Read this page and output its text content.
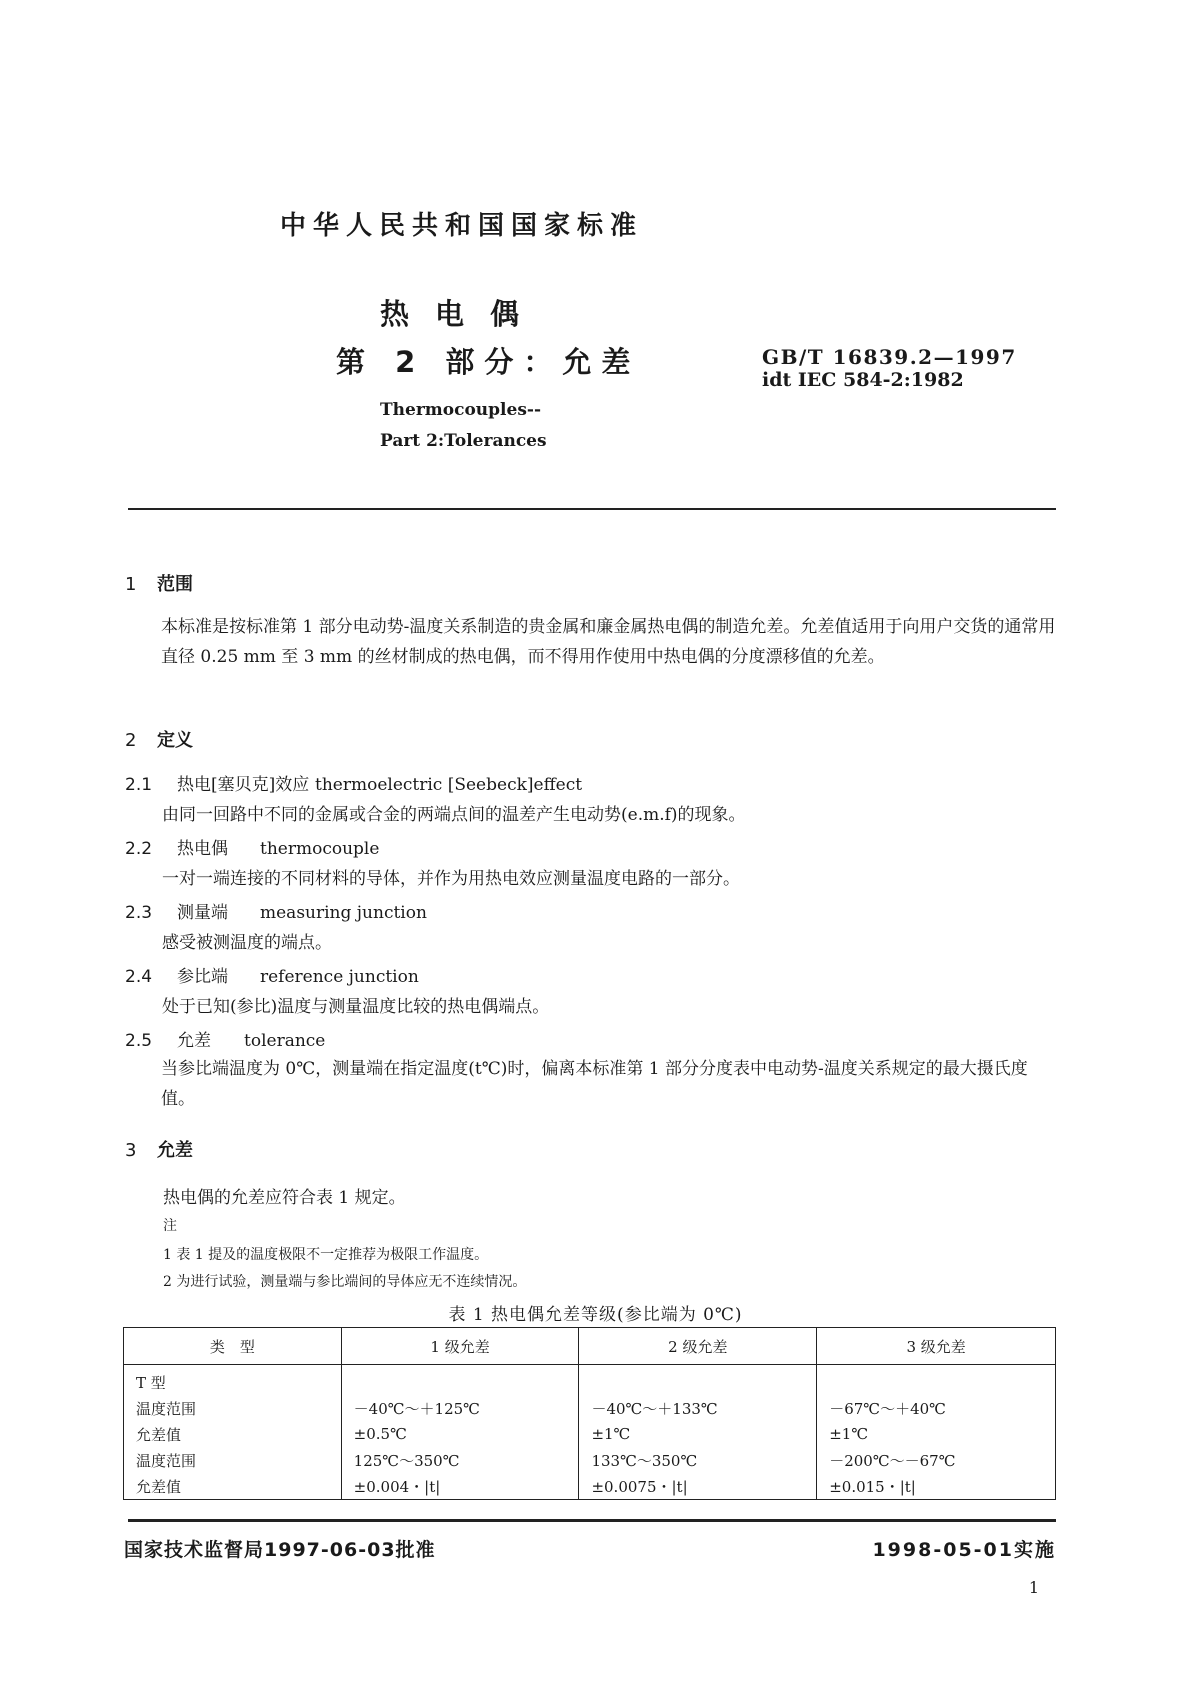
中华人民共和国国家标准
热电偶
第 2 部分：允差	GB/T 16839.2—1997
idt IEC 584-2:1982
Thermocouples--
Part 2:Tolerances
1 范围
本标准是按标准第 1 部分电动势-温度关系制造的贵金属和廉金属热电偶的制造允差。允差值适用于向用户交货的通常用直径 0.25 mm 至 3 mm 的丝材制成的热电偶，而不得用作使用中热电偶的分度漂移值的允差。
2 定义
2.1 热电[塞贝克]效应 thermoelectric [Seebeck]effect
由同一回路中不同的金属或合金的两端点间的温差产生电动势(e.m.f)的现象。
2.2 热电偶 thermocouple
一对一端连接的不同材料的导体，并作为用热电效应测量温度电路的一部分。
2.3 测量端 measuring junction
感受被测温度的端点。
2.4 参比端 reference junction
处于已知(参比)温度与测量温度比较的热电偶端点。
2.5 允差 tolerance
当参比端温度为 0℃，测量端在指定温度(t℃)时，偏离本标准第 1 部分分度表中电动势-温度关系规定的最大摄氏度值。
3 允差
热电偶的允差应符合表 1 规定。
注
1 表 1 提及的温度极限不一定推荐为极限工作温度。
2 为进行试验，测量端与参比端间的导体应无不连续情况。
表 1 热电偶允差等级(参比端为 0℃)
类　型	1 级允差	2 级允差	3 级允差
T 型			
温度范围	－40℃～＋125℃	－40℃～＋133℃	－67℃～＋40℃
允差值	±0.5℃	±1℃	±1℃
温度范围	125℃～350℃	133℃～350℃	－200℃～－67℃
允差值	±0.004・|t|	±0.0075・|t|	±0.015・|t|
国家技术监督局1997-06-03批准	1998-05-01实施
1
